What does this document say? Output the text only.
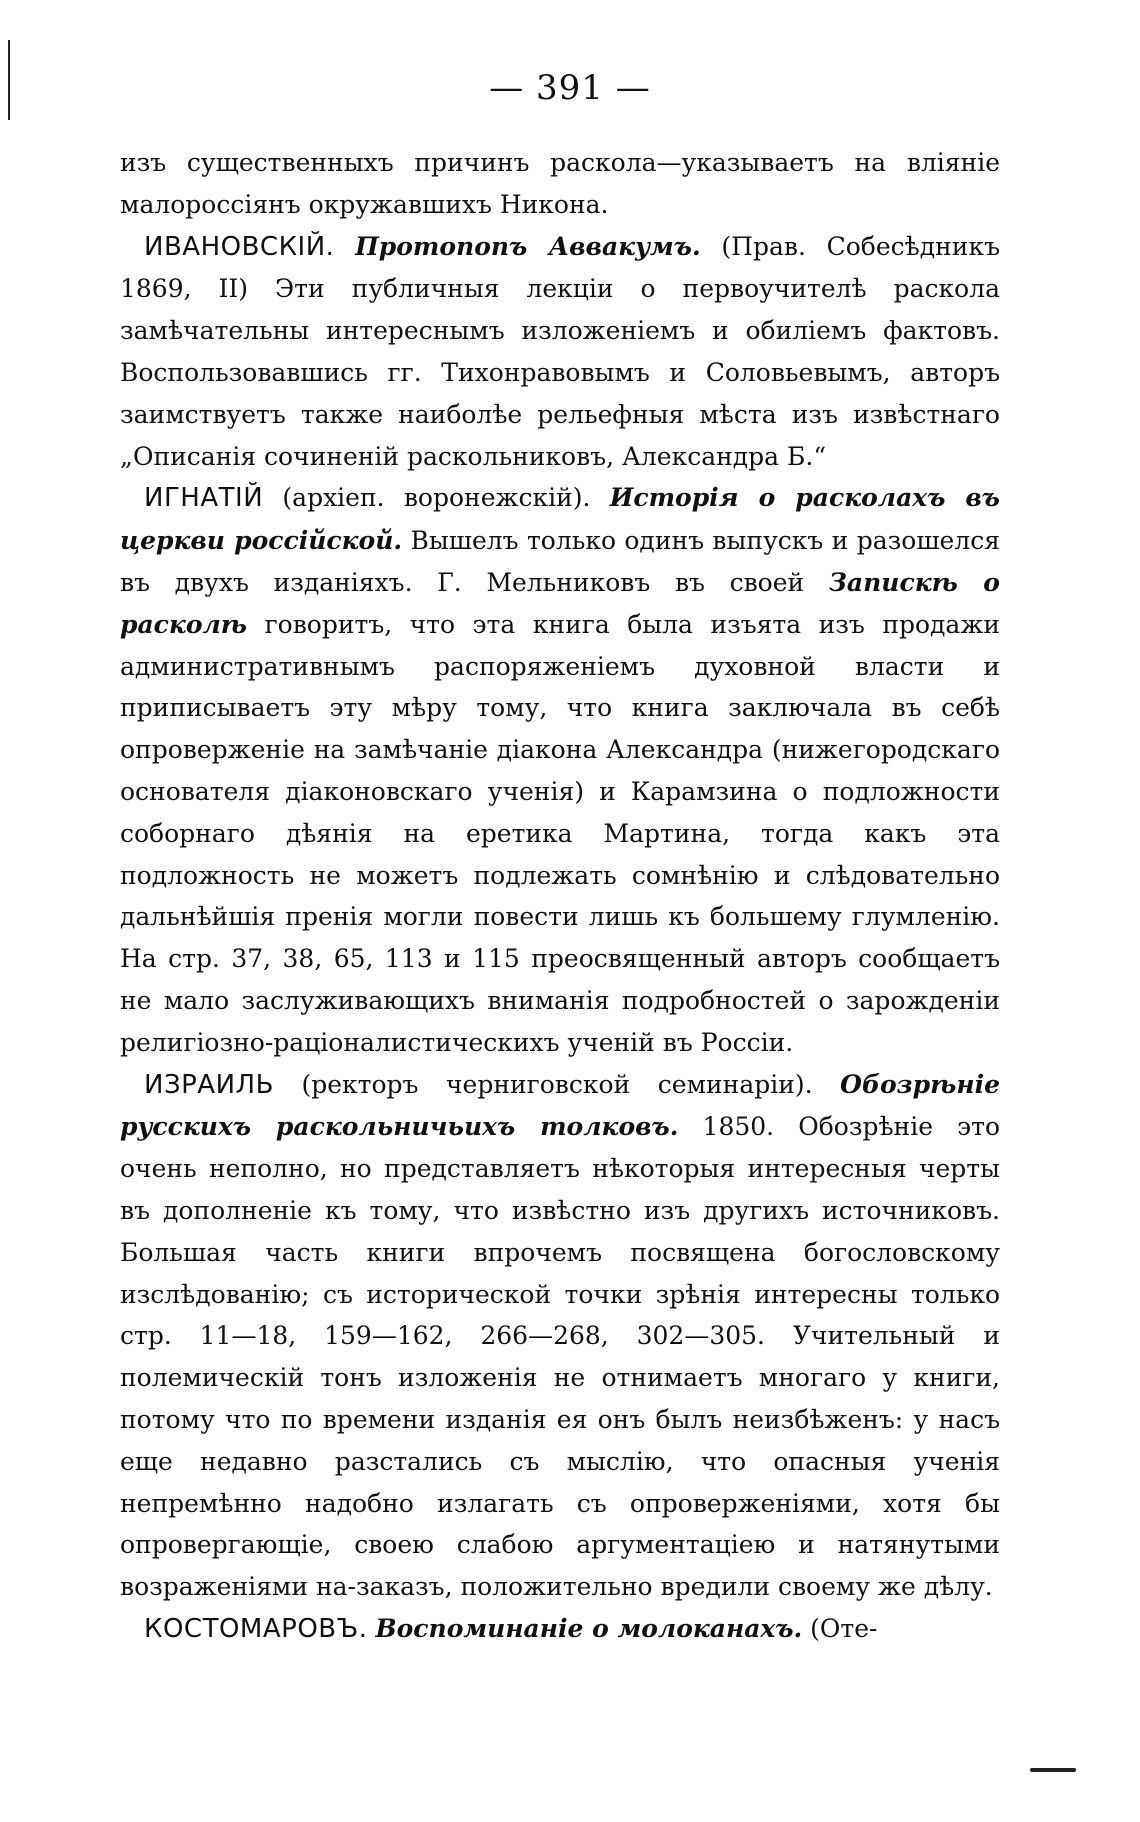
— 391 —

изъ существенныхъ причинъ раскола—указываетъ на вліяніе малороссіянъ окружавшихъ Никона.

ИВАНОВСКІЙ. Протопопъ Аввакумъ. (Прав. Собесѣдникъ 1869, II) Эти публичныя лекціи о первоучителѣ раскола замѣчательны интереснымъ изложеніемъ и обиліемъ фактовъ. Воспользовавшись гг. Тихонравовымъ и Соловьевымъ, авторъ заимствуетъ также наиболѣе рельефныя мѣста изъ извѣстнаго „Описанія сочиненій раскольниковъ, Александра Б.“

ИГНАТІЙ (архіеп. воронежскій). Исторія о расколахъ въ церкви россійской. Вышелъ только одинъ выпускъ и разошелся въ двухъ изданіяхъ. Г. Мельниковъ въ своей Запискѣ о расколѣ говоритъ, что эта книга была изъята изъ продажи административнымъ распоряженіемъ духовной власти и приписываетъ эту мѣру тому, что книга заключала въ себѣ опроверженіе на замѣчаніе діакона Александра (нижегородскаго основателя діаконовскаго ученія) и Карамзина о подложности соборнаго дѣянія на еретика Мартина, тогда какъ эта подложность не можетъ подлежать сомнѣнію и слѣдовательно дальнѣйшія пренія могли повести лишь къ большему глумленію. На стр. 37, 38, 65, 113 и 115 преосвященный авторъ сообщаетъ не мало заслуживающихъ вниманія подробностей о зарожденіи религіозно-раціоналистическихъ ученій въ Россіи.

ИЗРАИЛЬ (ректоръ черниговской семинаріи). Обозрѣніе русскихъ раскольничьихъ толковъ. 1850. Обозрѣніе это очень неполно, но представляетъ нѣкоторыя интересныя черты въ дополненіе къ тому, что извѣстно изъ другихъ источниковъ. Большая часть книги впрочемъ посвящена богословскому изслѣдованію; съ исторической точки зрѣнія интересны только стр. 11—18, 159—162, 266—268, 302—305. Учительный и полемическій тонъ изложенія не отнимаетъ многаго у книги, потому что по времени изданія ея онъ былъ неизбѣженъ: у насъ еще недавно разстались съ мыслію, что опасныя ученія непремѣнно надобно излагать съ опроверженіями, хотя бы опровергающіе, своею слабою аргументаціею и натянутыми возраженіями на-заказъ, положительно вредили своему же дѣлу.

КОСТОМАРОВЪ. Воспоминаніе о молоканахъ. (Оте-
